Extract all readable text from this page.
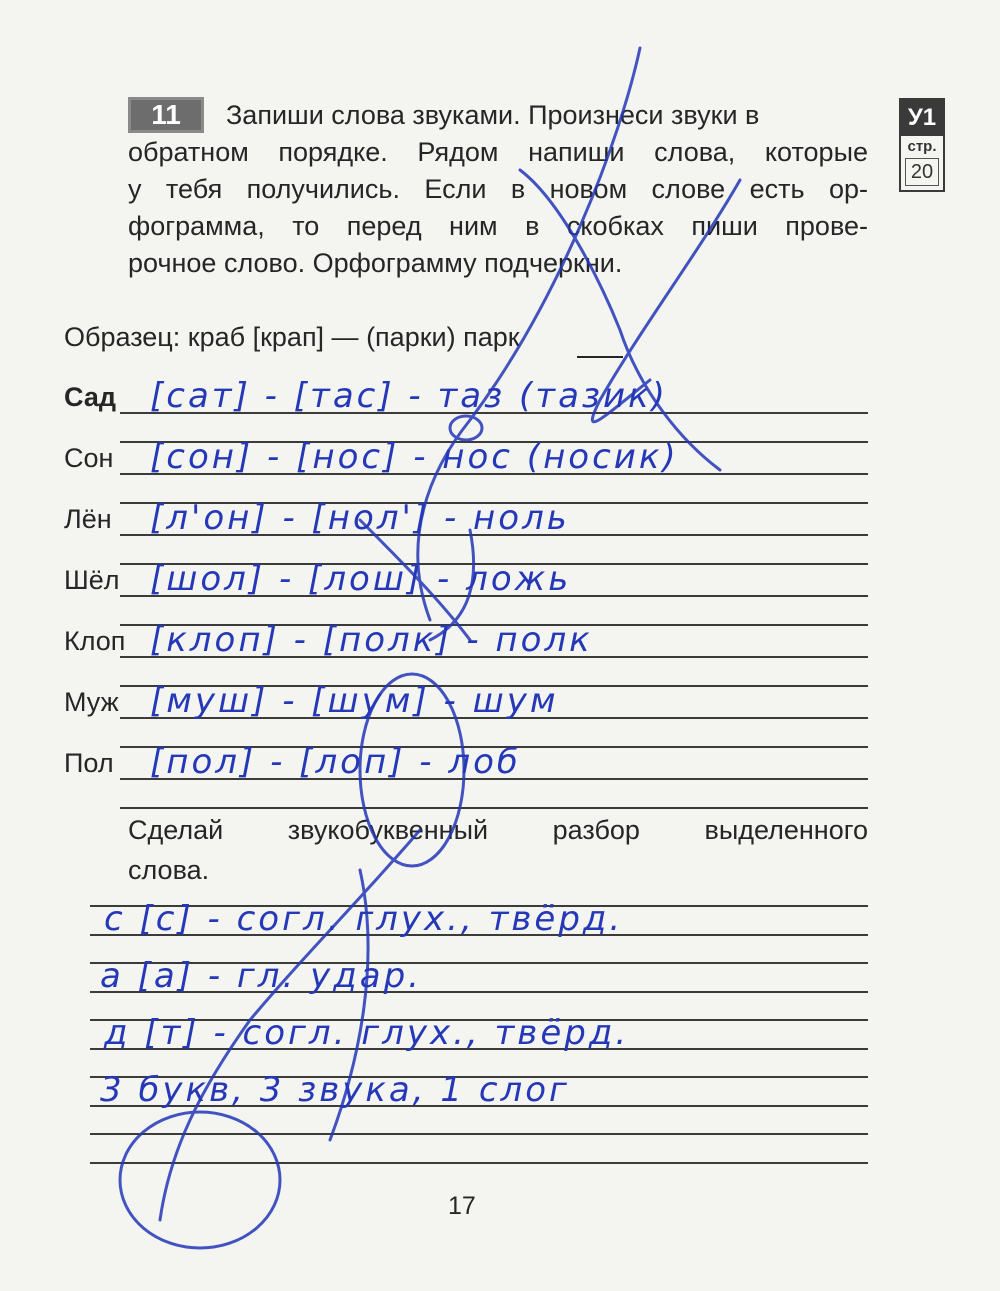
11	Запиши слова звуками. Произнеси звуки в
обратном порядке. Рядом напиши слова, которые
у тебя получились. Если в новом слове есть ор-
фограмма, то перед ним в скобках пиши прове-
рочное слово. Орфограмму подчеркни.
У1
стр.
20
Образец: краб [крап] — (парки) парк
Сад [сат] - [тас] - таз (тазик)
Сон [сон] - [нос] - нос (носик)
Лён [л'он] - [нол'] - ноль
Шёл [шол] - [лош] - ложь
Клоп [клоп] - [полк] - полк
Муж [муш] - [шум] - шум
Пол [пол] - [лоп] - лоб
Сделай звукобуквенный разбор выделенного
слова.
с [с] - согл. глух., твёрд.
а [а] - гл. удар.
д [т] - согл. глух., твёрд.
3 букв, 3 звука, 1 слог
17
